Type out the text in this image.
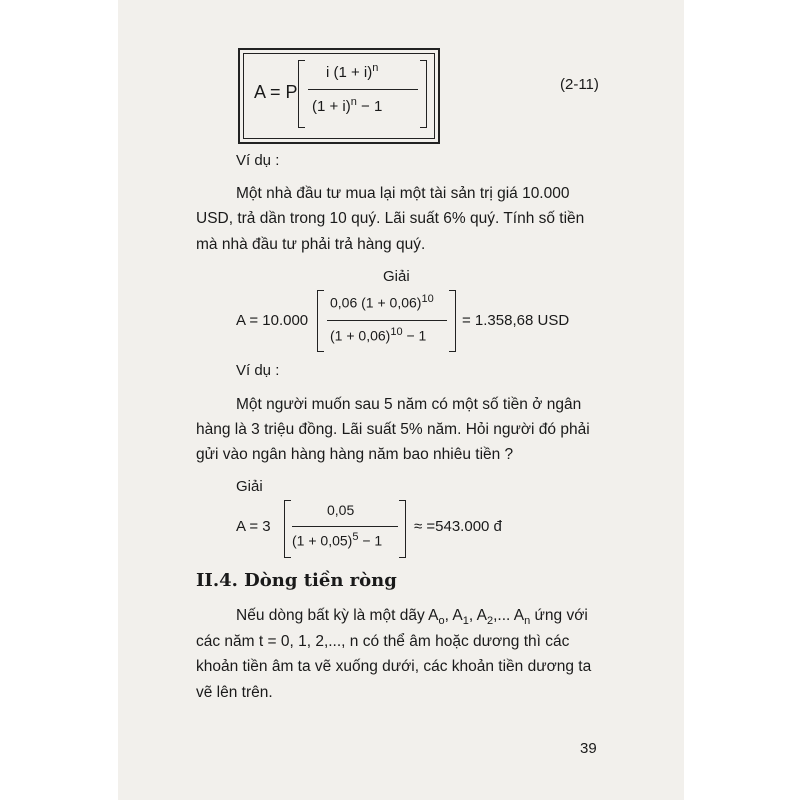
A = P
i $(1 + i)^n$
$(1 + i)^n - 1$
(2-11)
Ví dụ :
Một nhà đầu tư mua lại một tài sản trị giá 10.000
USD, trả dần trong 10 quý. Lãi suất 6% quý. Tính số tiền
mà nhà đầu tư phải trả hàng quý.
Giải
A = 10.000
0,06 $(1 + 0,06)^{10}$
$(1 + 0,06)^{10} - 1$
= 1.358,68 USD
Ví dụ :
Một người muốn sau 5 năm có một số tiền ở ngân
hàng là 3 triệu đồng. Lãi suất 5% năm. Hỏi người đó phải
gửi vào ngân hàng hàng năm bao nhiêu tiền ?
Giải
A = 3
0,05
$(1 + 0,05)^5 - 1$
≈ =543.000 đ
II.4. Dòng tiền ròng
Nếu dòng bất kỳ là một dãy $A_o$, $A_1$, $A_2$,... $A_n$ ứng với
các năm t = 0, 1, 2,..., n có thể âm hoặc dương thì các
khoản tiền âm ta vẽ xuống dưới, các khoản tiền dương ta
vẽ lên trên.
39
